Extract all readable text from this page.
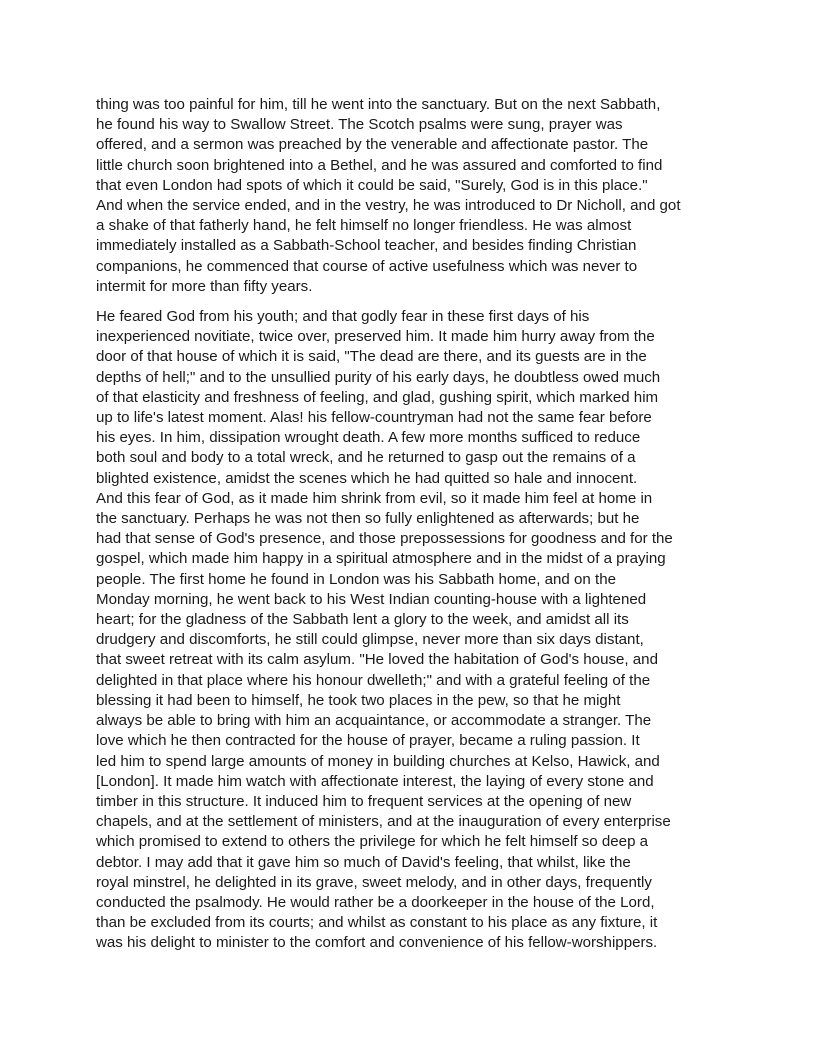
thing was too painful for him, till he went into the sanctuary. But on the next Sabbath,
he found his way to Swallow Street. The Scotch psalms were sung, prayer was
offered, and a sermon was preached by the venerable and affectionate pastor. The
little church soon brightened into a Bethel, and he was assured and comforted to find
that even London had spots of which it could be said, "Surely, God is in this place."
And when the service ended, and in the vestry, he was introduced to Dr Nicholl, and got
a shake of that fatherly hand, he felt himself no longer friendless. He was almost
immediately installed as a Sabbath-School teacher, and besides finding Christian
companions, he commenced that course of active usefulness which was never to
intermit for more than fifty years.

He feared God from his youth; and that godly fear in these first days of his
inexperienced novitiate, twice over, preserved him. It made him hurry away from the
door of that house of which it is said, "The dead are there, and its guests are in the
depths of hell;" and to the unsullied purity of his early days, he doubtless owed much
of that elasticity and freshness of feeling, and glad, gushing spirit, which marked him
up to life's latest moment. Alas! his fellow-countryman had not the same fear before
his eyes. In him, dissipation wrought death. A few more months sufficed to reduce
both soul and body to a total wreck, and he returned to gasp out the remains of a
blighted existence, amidst the scenes which he had quitted so hale and innocent.
And this fear of God, as it made him shrink from evil, so it made him feel at home in
the sanctuary. Perhaps he was not then so fully enlightened as afterwards; but he
had that sense of God's presence, and those prepossessions for goodness and for the
gospel, which made him happy in a spiritual atmosphere and in the midst of a praying
people. The first home he found in London was his Sabbath home, and on the
Monday morning, he went back to his West Indian counting-house with a lightened
heart; for the gladness of the Sabbath lent a glory to the week, and amidst all its
drudgery and discomforts, he still could glimpse, never more than six days distant,
that sweet retreat with its calm asylum. "He loved the habitation of God's house, and
delighted in that place where his honour dwelleth;" and with a grateful feeling of the
blessing it had been to himself, he took two places in the pew, so that he might
always be able to bring with him an acquaintance, or accommodate a stranger. The
love which he then contracted for the house of prayer, became a ruling passion. It
led him to spend large amounts of money in building churches at Kelso, Hawick, and
[London]. It made him watch with affectionate interest, the laying of every stone and
timber in this structure. It induced him to frequent services at the opening of new
chapels, and at the settlement of ministers, and at the inauguration of every enterprise
which promised to extend to others the privilege for which he felt himself so deep a
debtor. I may add that it gave him so much of David's feeling, that whilst, like the
royal minstrel, he delighted in its grave, sweet melody, and in other days, frequently
conducted the psalmody. He would rather be a doorkeeper in the house of the Lord,
than be excluded from its courts; and whilst as constant to his place as any fixture, it
was his delight to minister to the comfort and convenience of his fellow-worshippers.
